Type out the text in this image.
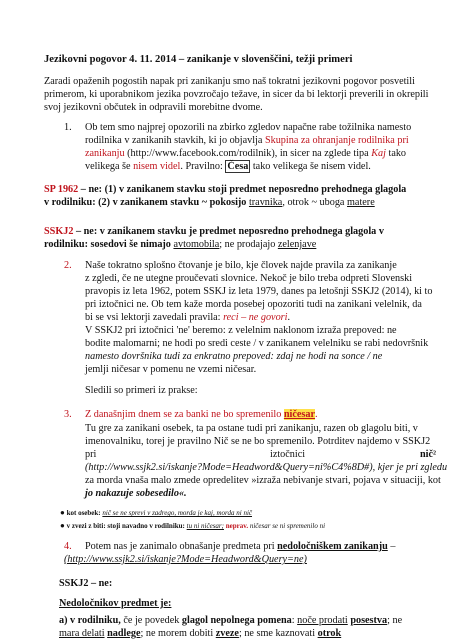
Jezikovni pogovor 4. 11. 2014 – zanikanje v slovenščini, težji primeri
Zaradi opaženih pogostih napak pri zanikanju smo naš tokratni jezikovni pogovor posvetili
primerom, ki uporabnikom jezika povzročajo težave, in sicer da bi lektorji preverili in okrepili
svoj jezikovni občutek in odpravili morebitne dvome.
1. Ob tem smo najprej opozorili na zbirko zgledov napačne rabe tožilnika namesto
rodilnika v zanikanih stavkih, ki jo objavlja Skupina za ohranjanje rodilnika pri
zanikanju (http://www.facebook.com/rodilnik), in sicer na zglede tipa Kaj tako
velikega še nisem videl. Pravilno: Česa tako velikega še nisem videl.
SP 1962 – ne: (1) v zanikanem stavku stoji predmet neposredno prehodnega glagola
v rodilniku: (2) v zanikanem stavku ~ pokosijo travnika, otrok ~ uboga matere
SSKJ2 – ne: v zanikanem stavku je predmet neposredno prehodnega glagola v
rodilniku: sosedovi še nimajo avtomobila; ne prodajajo zelenjave
2. Naše tokratno splošno čtovanje je bilo, kje človek najde pravila za zanikanje
z zgledi, če ne utegne proučevati slovnice. Nekoč je bilo treba odpreti Slovenski
pravopis iz leta 1962, potem SSKJ iz leta 1979, danes pa letošnji SSKJ2 (2014), ki to
pri iztočnici ne. Ob tem kaže morda posebej opozoriti tudi na zanikani velelnik, da
bi se vsi lektorji zavedali pravila: reci – ne govori.
V SSKJ2 pri iztočnici 'ne' beremo: z velelnim naklonom izraža prepoved: ne
bodite malomarni; ne hodi po sredi ceste / v zanikanem velelniku se rabi nedovršnik
namesto dovršnika tudi za enkratno prepoved: zdaj ne hodi na sonce / ne
jemlji ničesar v pomenu ne vzemi ničesar.
Sledili so primeri iz prakse:
3. Z današnjim dnem se za banki ne bo spremenilo ničesar.
Tu gre za zanikani osebek, ta pa ostane tudi pri zanikanju, razen ob glagolu biti, v
imenovalniku, torej je pravilno Nič se ne bo spremenilo. Potrditev najdemo v SSKJ2
pri	iztočnici	nič²
(http://www.ssjk2.si/iskanje?Mode=Headword&Query=ni%C4%8D#), kjer je pri zgledu
za morda vnaša malo zmede opredelitev »izraža nebivanje stvari, pojava v situaciji, kot
jo nakazuje sobesedilo«.
● kot osebek: nič se ne sprevi v zadrego, morda je kaj, morda ni nič
● v zvezi z biti: stoji navadno v rodilniku: tu ni ničesar; neprav. ničesar se ni spremenilo ni
4. Potem nas je zanimalo obnašanje predmeta pri nedoločniškem zanikanju –
(http://www.ssjk2.si/iskanje?Mode=Headword&Query=ne)
SSKJ2 – ne:
Nedoločnikov predmet je:
a) v rodilniku, če je povedek glagol nepolnega pomena: noče prodati posestva; ne
mara delati nadlege; ne morem dobiti zveze; ne sme kaznovati otrok
